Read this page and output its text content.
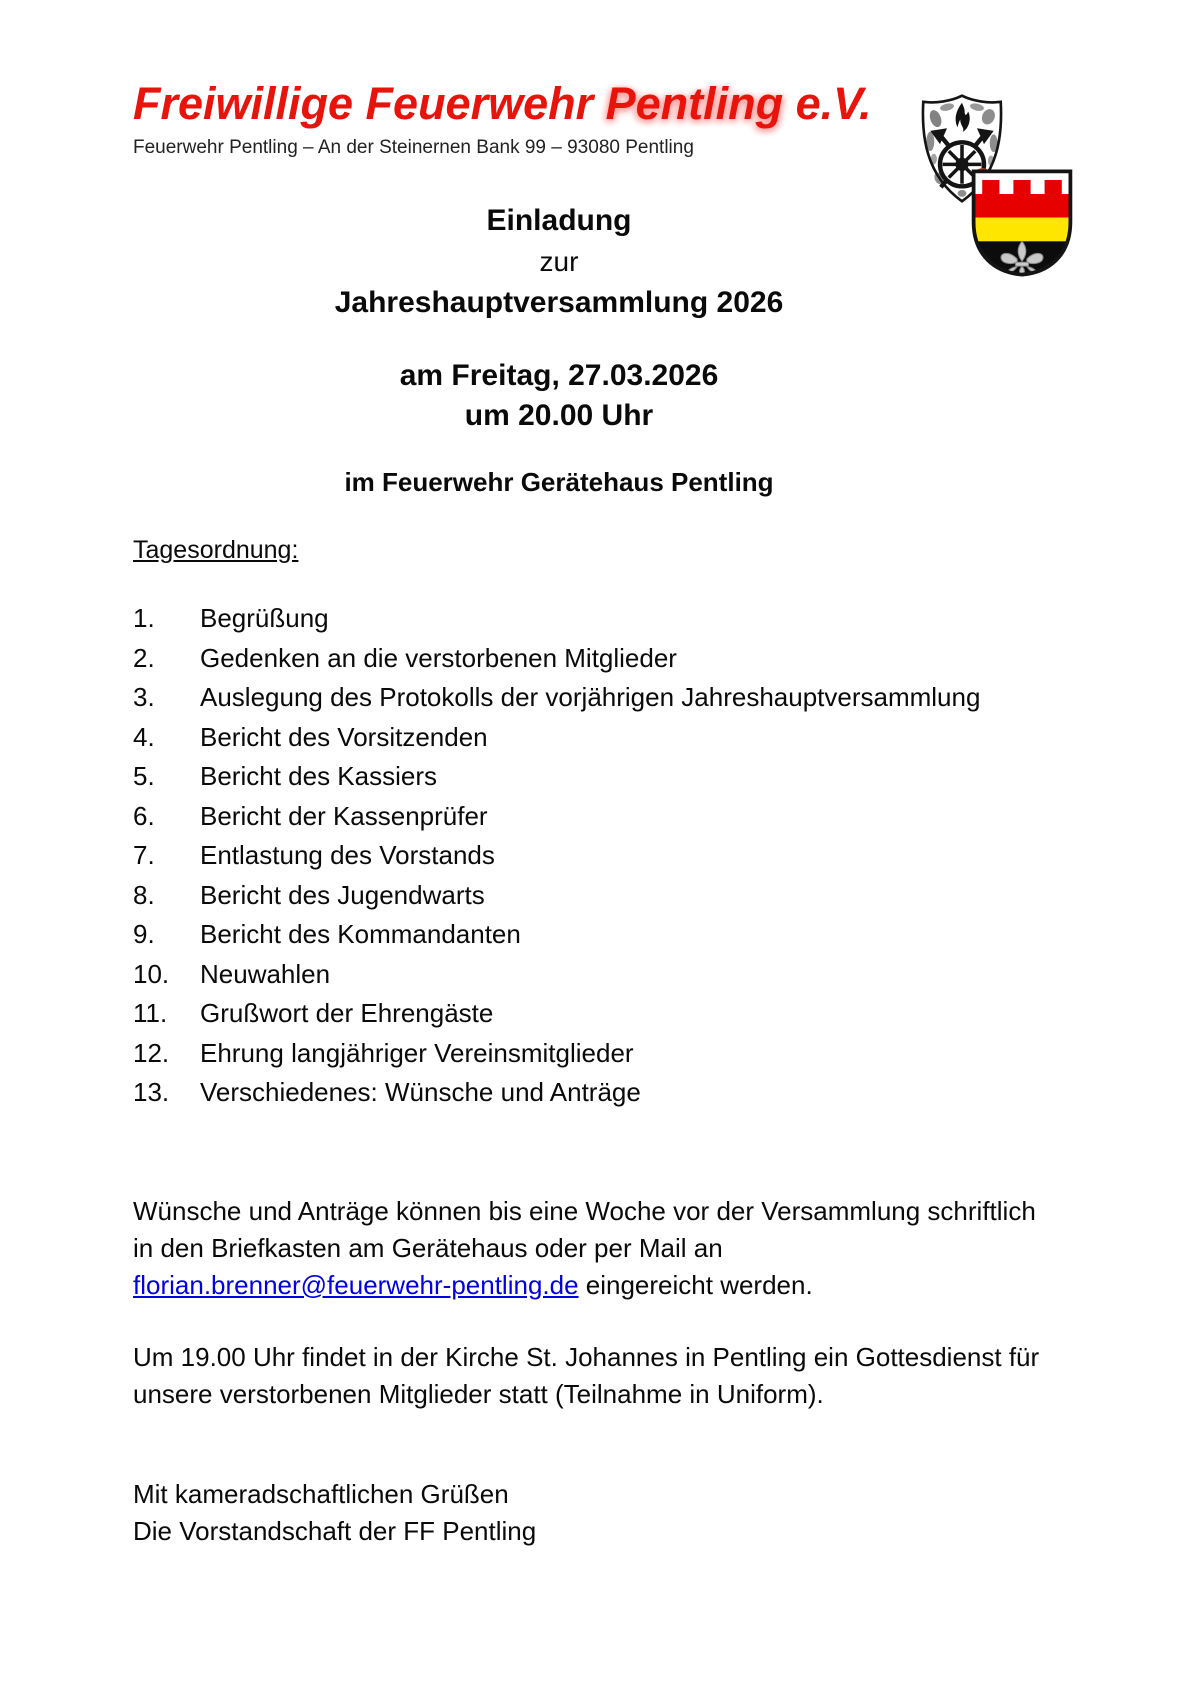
Freiwillige Feuerwehr Pentling e.V.
Feuerwehr Pentling – An der Steinernen Bank 99 – 93080 Pentling
Einladung
zur
Jahreshauptversammlung 2026
am Freitag, 27.03.2026
um 20.00 Uhr
im Feuerwehr Gerätehaus Pentling
Tagesordnung:
1.	Begrüßung
2.	Gedenken an die verstorbenen Mitglieder
3.	Auslegung des Protokolls der vorjährigen Jahreshauptversammlung
4.	Bericht des Vorsitzenden
5.	Bericht des Kassiers
6.	Bericht der Kassenprüfer
7.	Entlastung des Vorstands
8.	Bericht des Jugendwarts
9.	Bericht des Kommandanten
10.	Neuwahlen
11.	Grußwort der Ehrengäste
12.	Ehrung langjähriger Vereinsmitglieder
13.	Verschiedenes: Wünsche und Anträge
Wünsche und Anträge können bis eine Woche vor der Versammlung schriftlich
in den Briefkasten am Gerätehaus oder per Mail an
florian.brenner@feuerwehr-pentling.de eingereicht werden.
Um 19.00 Uhr findet in der Kirche St. Johannes in Pentling ein Gottesdienst für
unsere verstorbenen Mitglieder statt (Teilnahme in Uniform).
Mit kameradschaftlichen Grüßen
Die Vorstandschaft der FF Pentling
